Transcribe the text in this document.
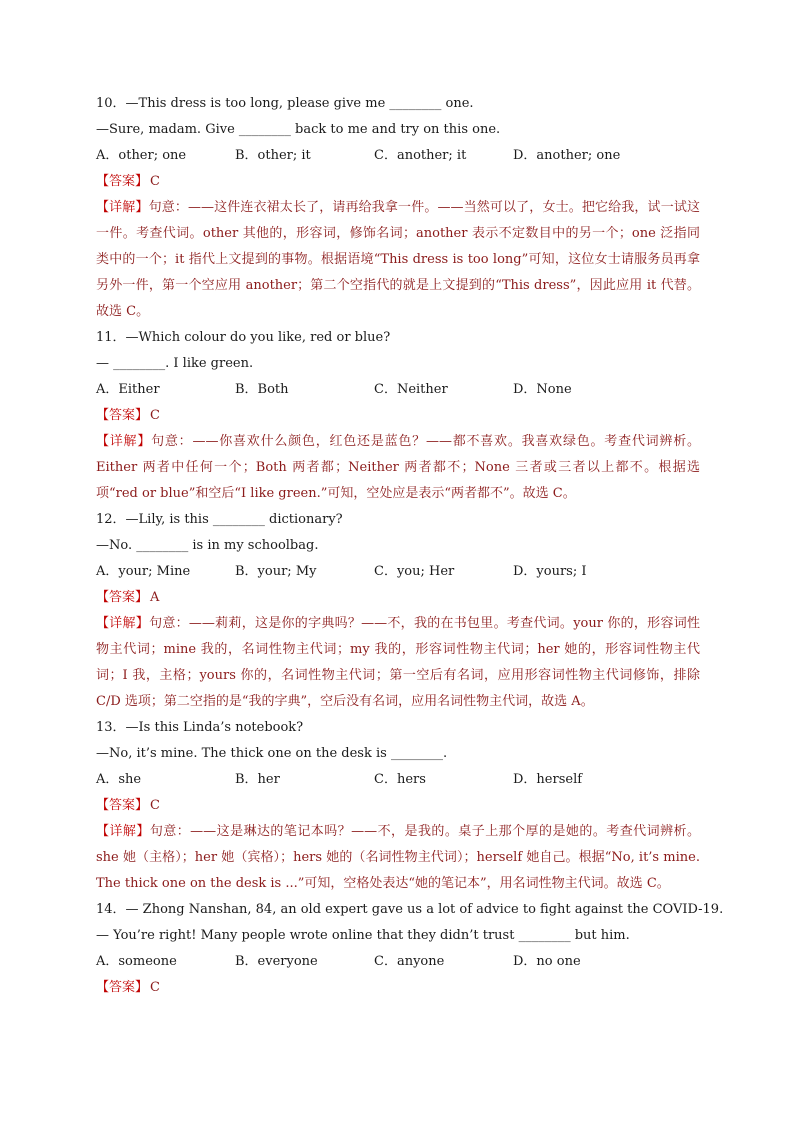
10．—This dress is too long, please give me ________ one.
—Sure, madam. Give ________ back to me and try on this one.
A．other; one	B．other; it	C．another; it	D．another; one
【答案】 C
【详解】句意：——这件连衣裙太长了，请再给我拿一件。——当然可以了，女士。把它给我，试一试这一件。考查代词。other 其他的，形容词，修饰名词；another 表示不定数目中的另一个；one 泛指同类中的一个；it 指代上文提到的事物。根据语境“This dress is too long”可知，这位女士请服务员再拿另外一件，第一个空应用 another；第二个空指代的就是上文提到的“This dress”，因此应用 it 代替。故选 C。
11．—Which colour do you like, red or blue?
— ________. I like green.
A．Either	B．Both	C．Neither	D．None
【答案】 C
【详解】句意：——你喜欢什么颜色，红色还是蓝色？——都不喜欢。我喜欢绿色。考查代词辨析。Either 两者中任何一个；Both 两者都；Neither 两者都不；None 三者或三者以上都不。根据选项“red or blue”和空后“I like green.”可知，空处应是表示“两者都不”。故选 C。
12．—Lily, is this ________ dictionary?
—No. ________ is in my schoolbag.
A．your; Mine	B．your; My	C．you; Her	D．yours; I
【答案】 A
【详解】句意：——莉莉，这是你的字典吗？——不，我的在书包里。考查代词。your 你的，形容词性物主代词；mine 我的，名词性物主代词；my 我的，形容词性物主代词；her 她的，形容词性物主代词；I 我，主格；yours 你的，名词性物主代词；第一空后有名词，应用形容词性物主代词修饰，排除 C/D 选项；第二空指的是“我的字典”，空后没有名词，应用名词性物主代词，故选 A。
13．—Is this Linda’s notebook?
—No, it’s mine. The thick one on the desk is ________.
A．she	B．her	C．hers	D．herself
【答案】 C
【详解】句意：——这是琳达的笔记本吗？——不，是我的。桌子上那个厚的是她的。考查代词辨析。she 她（主格）；her 她（宾格）；hers 她的（名词性物主代词）；herself 她自己。根据“No, it’s mine. The thick one on the desk is ...”可知，空格处表达“她的笔记本”，用名词性物主代词。故选 C。
14．— Zhong Nanshan, 84, an old expert gave us a lot of advice to fight against the COVID-19.
— You’re right! Many people wrote online that they didn’t trust ________ but him.
A．someone	B．everyone	C．anyone	D．no one
【答案】 C
